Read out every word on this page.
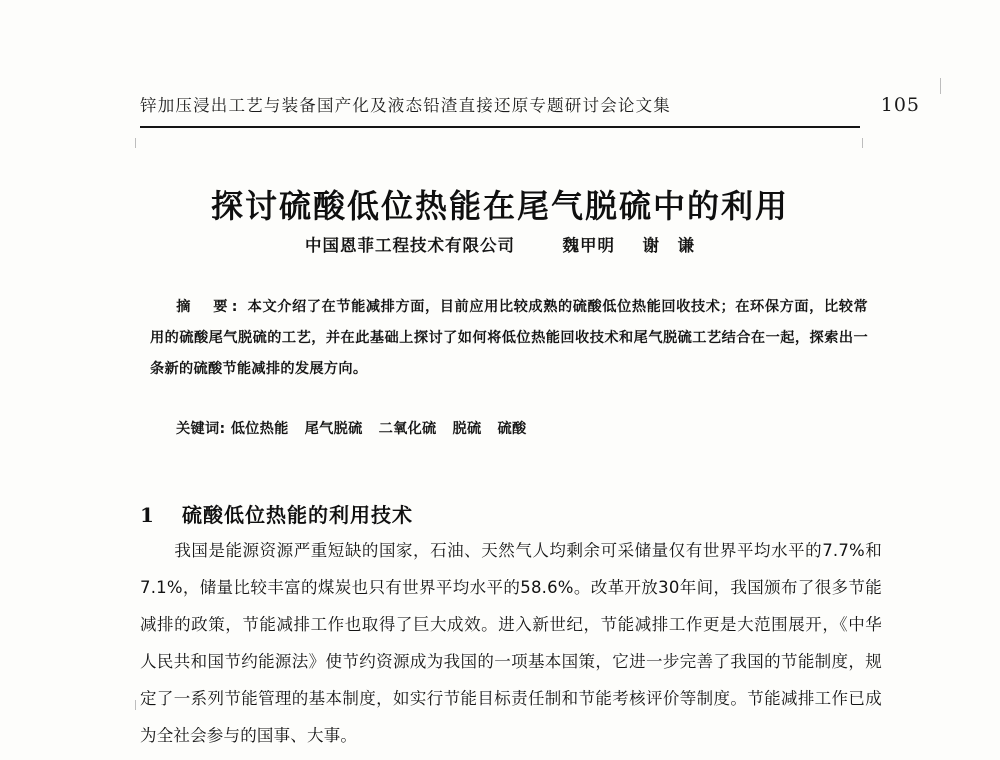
锌加压浸出工艺与装备国产化及液态铅渣直接还原专题研讨会论文集	105
探讨硫酸低位热能在尾气脱硫中的利用
中国恩菲工程技术有限公司	魏甲明 谢　谦
摘　要: 本文介绍了在节能减排方面，目前应用比较成熟的硫酸低位热能回收技术；在环保方面，比较常用的硫酸尾气脱硫的工艺，并在此基础上探讨了如何将低位热能回收技术和尾气脱硫工艺结合在一起，探索出一条新的硫酸节能减排的发展方向。
关键词: 低位热能 尾气脱硫 二氧化硫 脱硫 硫酸
1 硫酸低位热能的利用技术
我国是能源资源严重短缺的国家，石油、天然气人均剩余可采储量仅有世界平均水平的7.7%和7.1%，储量比较丰富的煤炭也只有世界平均水平的58.6%。改革开放30年间，我国颁布了很多节能减排的政策，节能减排工作也取得了巨大成效。进入新世纪，节能减排工作更是大范围展开，《中华人民共和国节约能源法》使节约资源成为我国的一项基本国策，它进一步完善了我国的节能制度，规定了一系列节能管理的基本制度，如实行节能目标责任制和节能考核评价等制度。节能减排工作已成为全社会参与的国事、大事。
